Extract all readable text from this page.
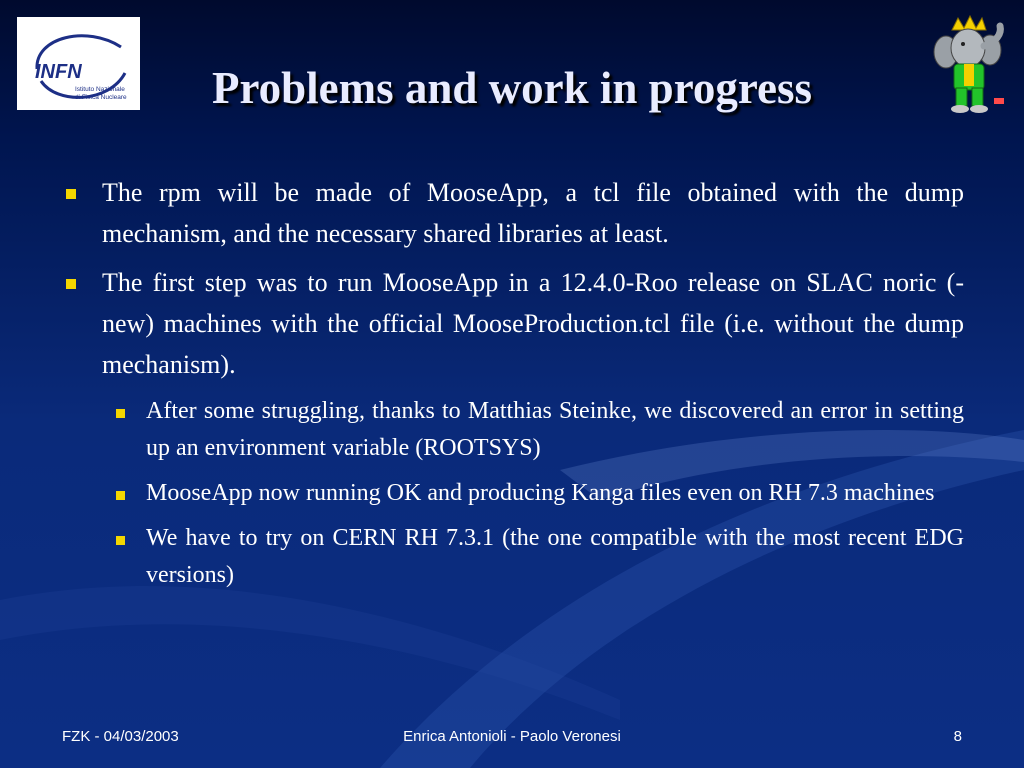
INFN
Istituto Nazionale
di Fisica Nucleare	Problems and work in progress
The rpm will be made of MooseApp, a tcl file obtained with the dump mechanism, and the necessary shared libraries at least.
The first step was to run MooseApp in a 12.4.0-Roo release on SLAC noric (-new) machines with the official MooseProduction.tcl file (i.e. without the dump mechanism).
After some struggling, thanks to Matthias Steinke, we discovered an error in setting up an environment variable (ROOTSYS)
MooseApp now running OK and producing Kanga files even on RH 7.3 machines
We have to try on CERN RH 7.3.1 (the one compatible with the most recent EDG versions)
FZK - 04/03/2003	Enrica Antonioli - Paolo Veronesi	8
